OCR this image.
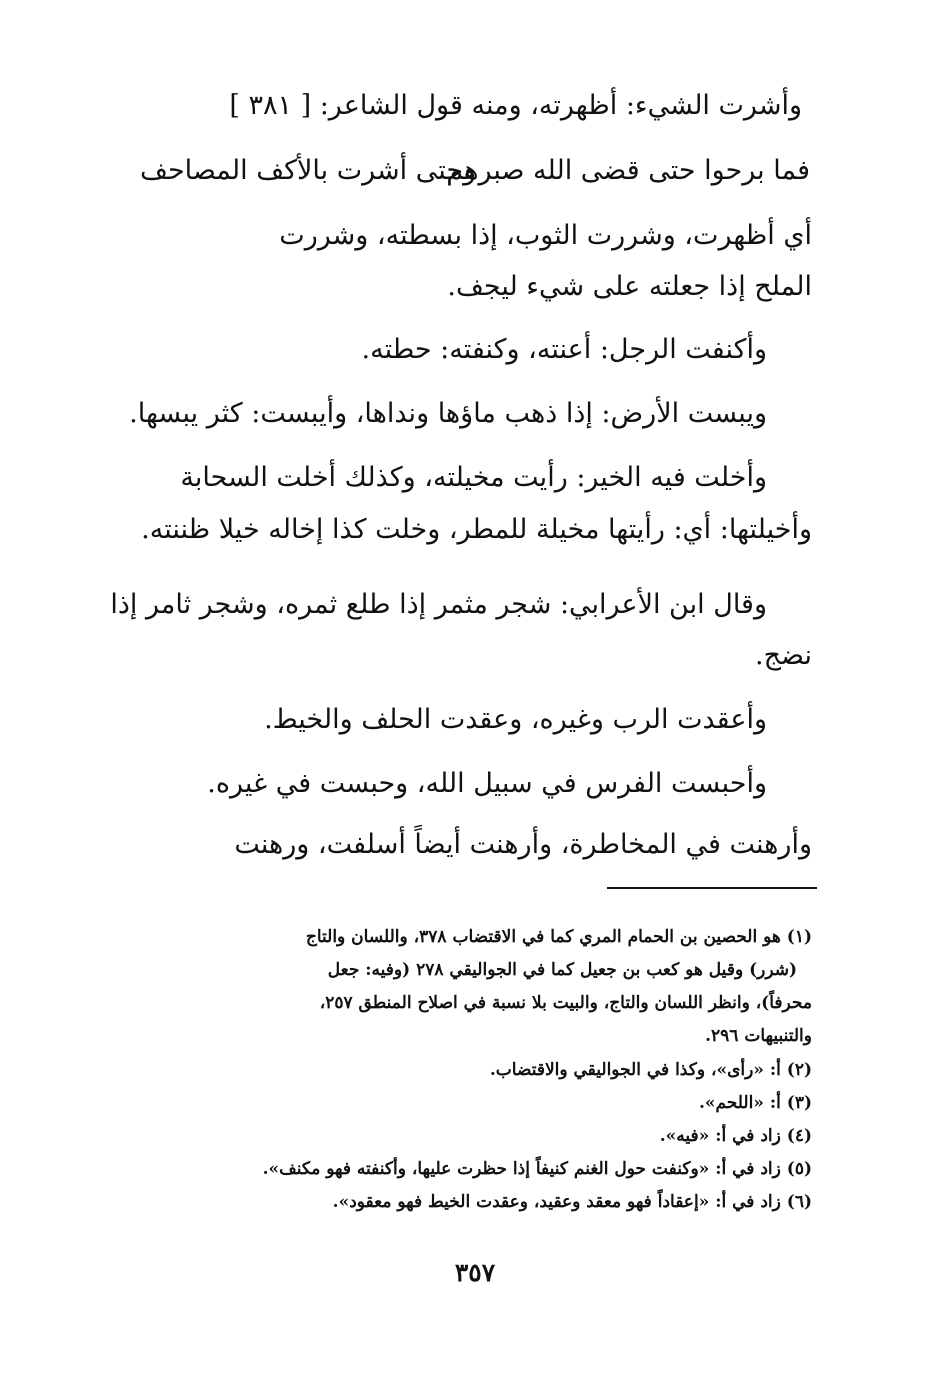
وأشرت الشيء: أظهرته، ومنه قول الشاعر: [ ٣٨١ ]
فما برحوا حتى قضى الله صبرهم
وحتى أشرت بالأكف المصاحف
أي أظهرت، وشررت الثوب، إذا بسطته، وشررت
الملح إذا جعلته على شيء ليجف.
وأكنفت الرجل: أعنته، وكنفته: حطته.
ويبست الأرض: إذا ذهب ماؤها ونداها، وأيبست: كثر يبسها.
وأخلت فيه الخير: رأيت مخيلته، وكذلك أخلت السحابة
وأخيلتها: أي: رأيتها مخيلة للمطر، وخلت كذا إخاله خيلا ظننته.
وقال ابن الأعرابي: شجر مثمر إذا طلع ثمره، وشجر ثامر إذا
نضج.
وأعقدت الرب وغيره، وعقدت الحلف والخيط.
وأحبست الفرس في سبيل الله، وحبست في غيره.
وأرهنت في المخاطرة، وأرهنت أيضاً أسلفت، ورهنت
(١) هو الحصين بن الحمام المري كما في الاقتضاب ٣٧٨، واللسان والتاج
(شرر) وقيل هو كعب بن جعيل كما في الجواليقي ٢٧٨ (وفيه: جعل
محرفاً)، وانظر اللسان والتاج، والبيت بلا نسبة في اصلاح المنطق ٢٥٧،
والتنبيهات ٢٩٦.
(٢) أ: «رأى»، وكذا في الجواليقي والاقتضاب.
(٣) أ: «اللحم».
(٤) زاد في أ: «فيه».
(٥) زاد في أ: «وكنفت حول الغنم كنيفاً إذا حظرت عليها، وأكنفته فهو مكنف».
(٦) زاد في أ: «إعقاداً فهو معقد وعقيد، وعقدت الخيط فهو معقود».
٣٥٧
